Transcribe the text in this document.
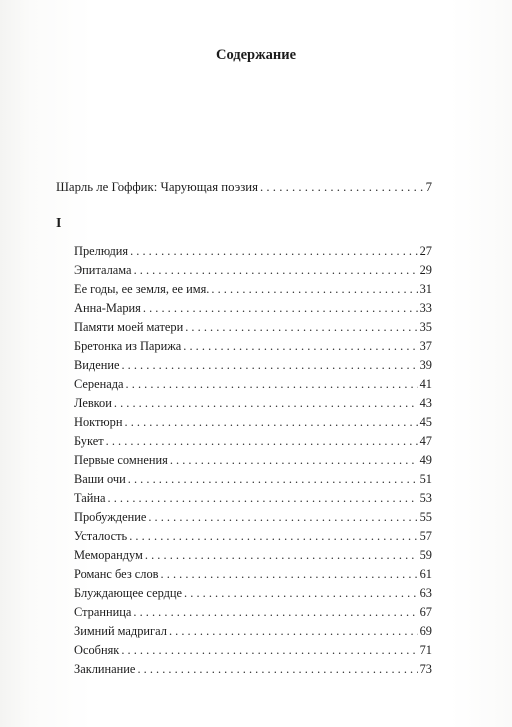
Содержание
Шарль ле Гоффик: Чарующая поэзия . . .	7
I
Прелюдия . . .	27
Эпиталама . . .	29
Ее годы, ее земля, ее имя. . . .	31
Анна-Мария . . .	33
Памяти моей матери . . .	35
Бретонка из Парижа . . .	37
Видение . . .	39
Серенада . . .	41
Левкои . . .	43
Ноктюрн . . .	45
Букет . . .	47
Первые сомнения . . .	49
Ваши очи . . .	51
Тайна . . .	53
Пробуждение . . .	55
Усталость . . .	57
Меморандум . . .	59
Романс без слов . . .	61
Блуждающее сердце . . .	63
Странница . . .	67
Зимний мадригал . . .	69
Особняк . . .	71
Заклинание . . .	73
